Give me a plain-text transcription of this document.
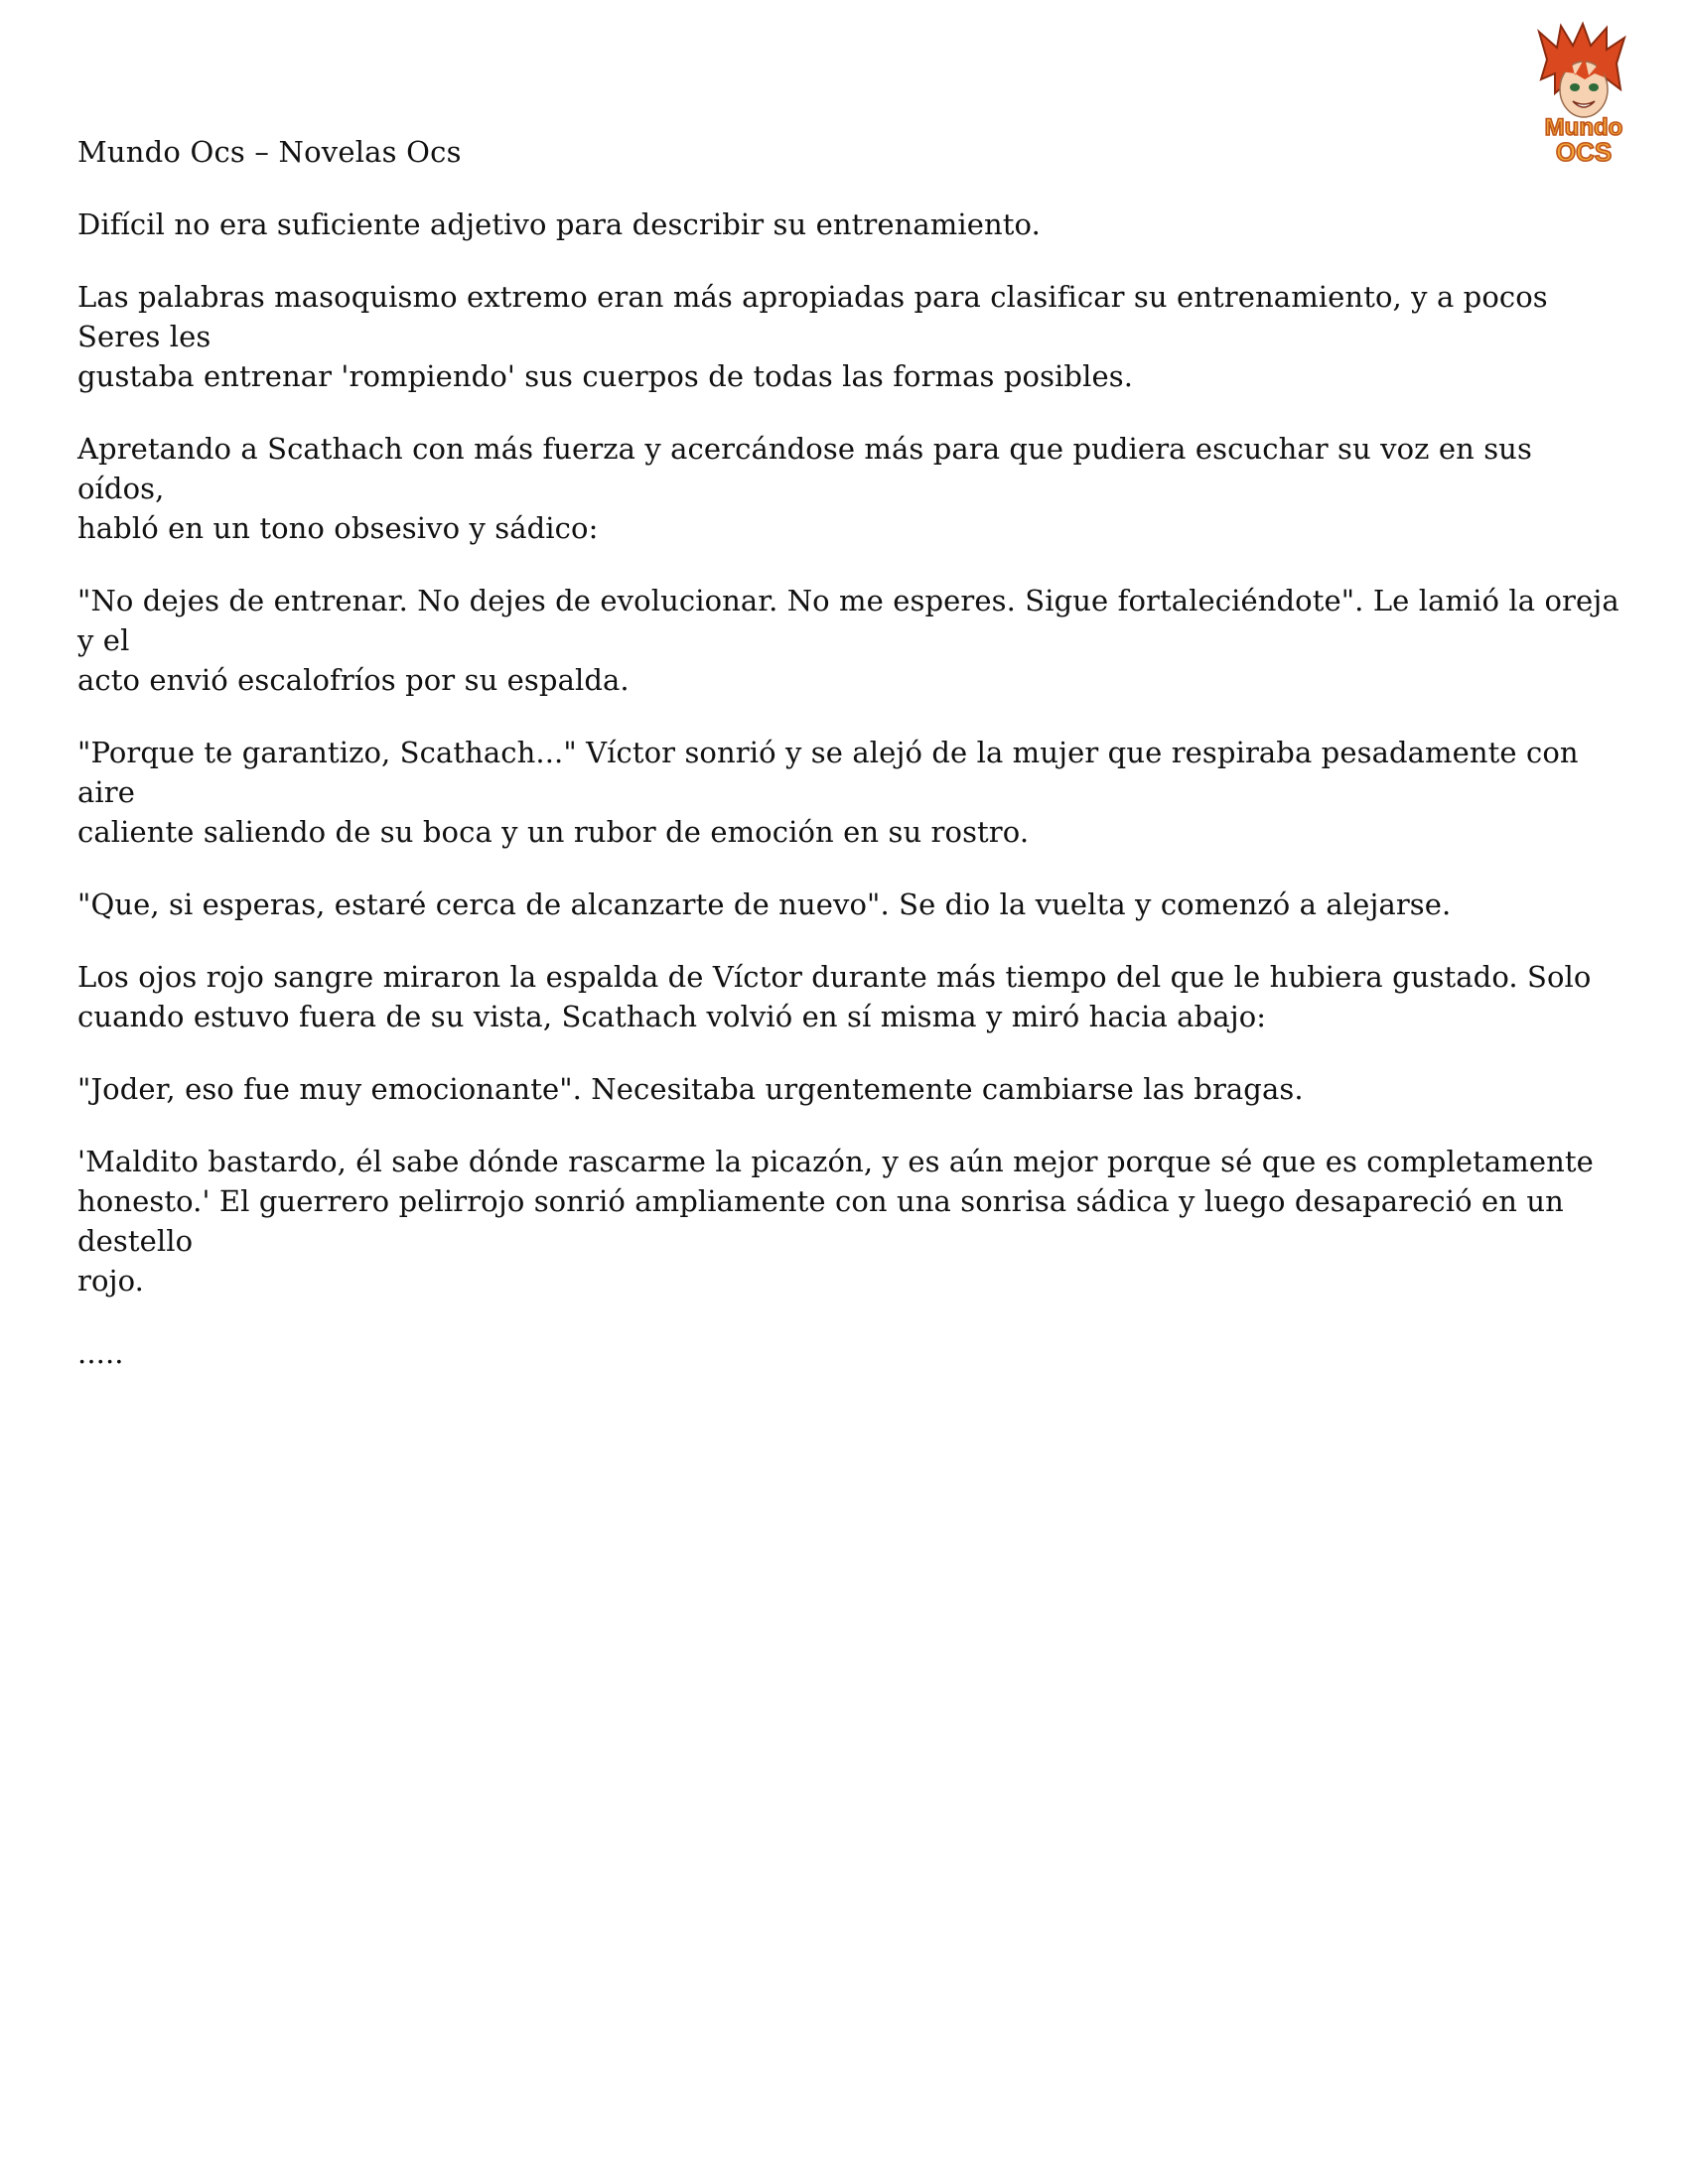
Mundo Ocs – Novelas Ocs
Mundo
OCS

Difícil no era suficiente adjetivo para describir su entrenamiento.

Las palabras masoquismo extremo eran más apropiadas para clasificar su entrenamiento, y a pocos Seres les
gustaba entrenar 'rompiendo' sus cuerpos de todas las formas posibles.

Apretando a Scathach con más fuerza y acercándose más para que pudiera escuchar su voz en sus oídos,
habló en un tono obsesivo y sádico:

"No dejes de entrenar. No dejes de evolucionar. No me esperes. Sigue fortaleciéndote". Le lamió la oreja y el
acto envió escalofríos por su espalda.

"Porque te garantizo, Scathach..." Víctor sonrió y se alejó de la mujer que respiraba pesadamente con aire
caliente saliendo de su boca y un rubor de emoción en su rostro.

"Que, si esperas, estaré cerca de alcanzarte de nuevo". Se dio la vuelta y comenzó a alejarse.

Los ojos rojo sangre miraron la espalda de Víctor durante más tiempo del que le hubiera gustado. Solo
cuando estuvo fuera de su vista, Scathach volvió en sí misma y miró hacia abajo:

"Joder, eso fue muy emocionante". Necesitaba urgentemente cambiarse las bragas.

'Maldito bastardo, él sabe dónde rascarme la picazón, y es aún mejor porque sé que es completamente
honesto.' El guerrero pelirrojo sonrió ampliamente con una sonrisa sádica y luego desapareció en un destello
rojo.

.....
